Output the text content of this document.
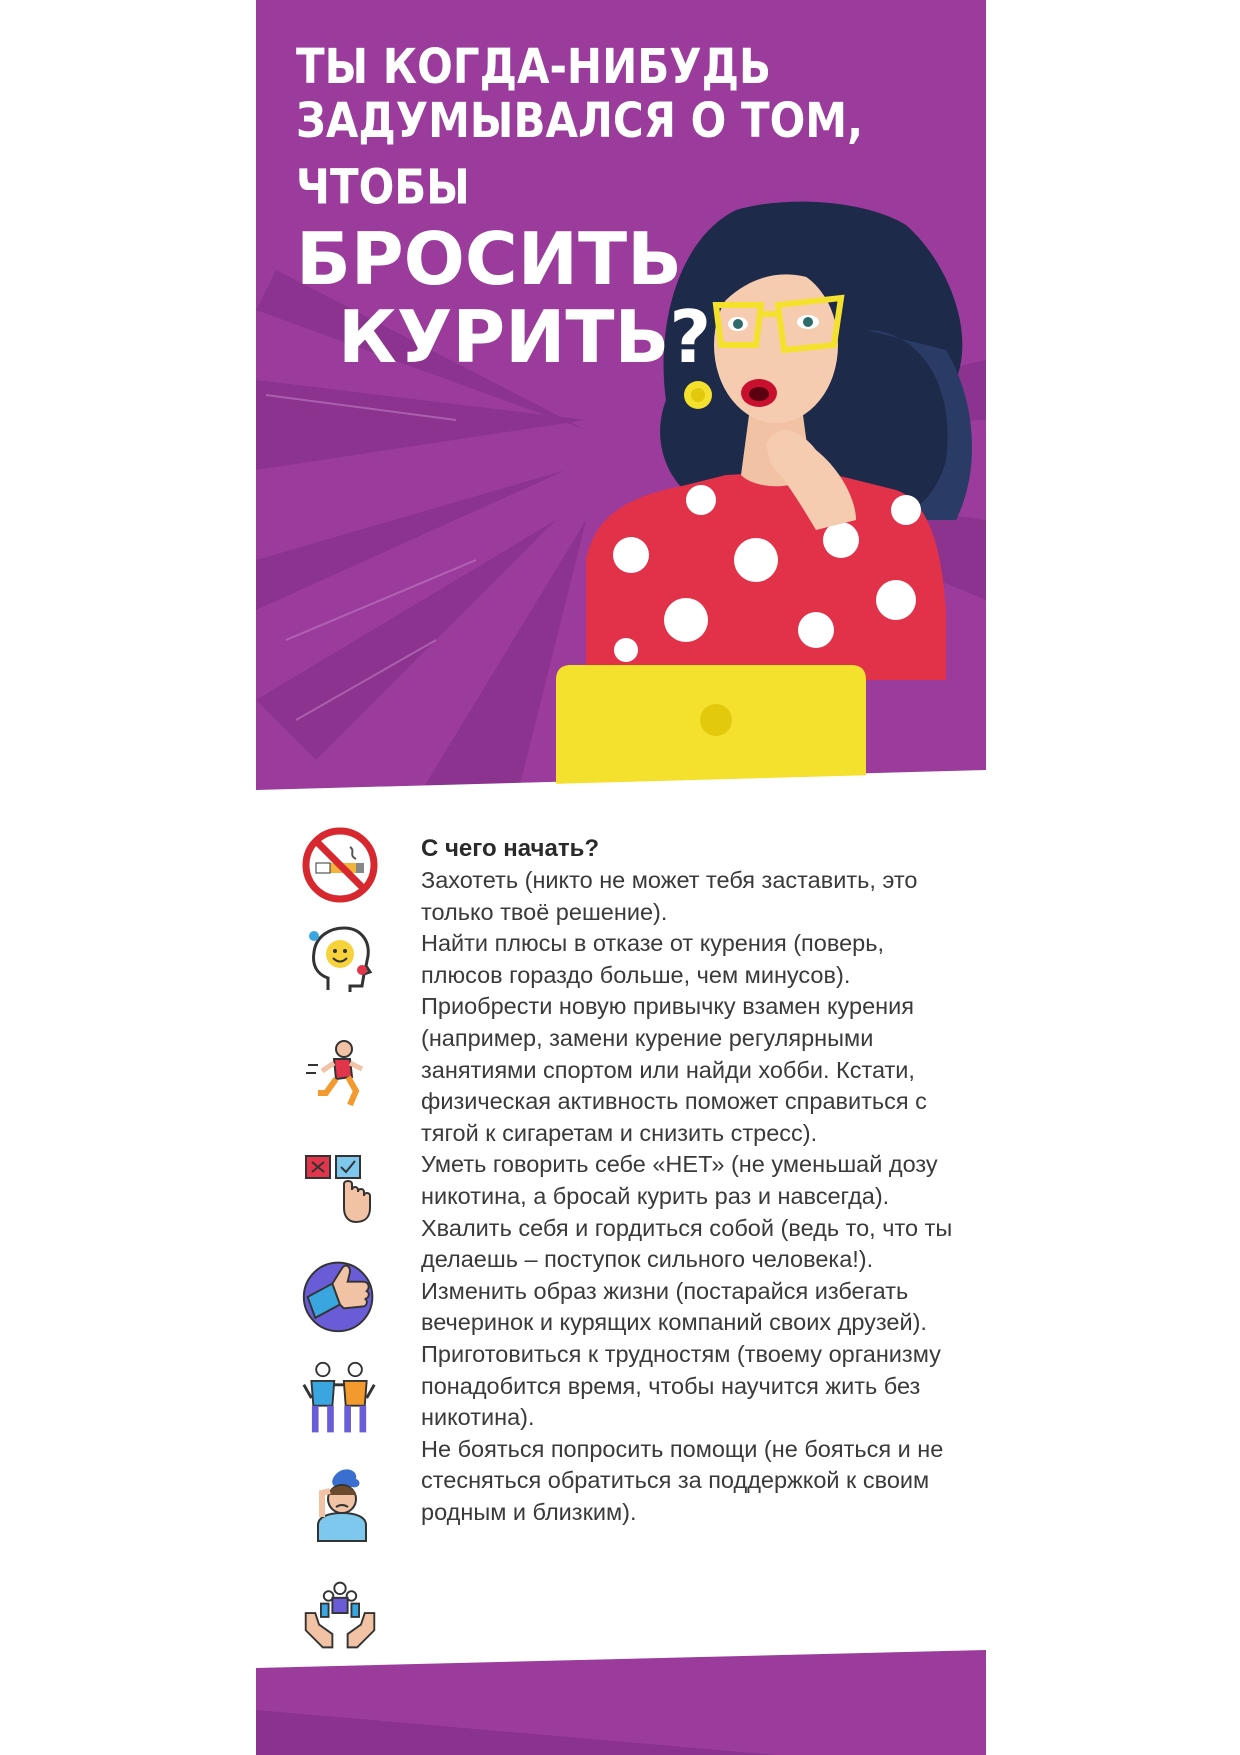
ТЫ КОГДА-НИБУДЬ
ЗАДУМЫВАЛСЯ О ТОМ, ЧТОБЫ
БРОСИТЬ
КУРИТЬ?
С чего начать?
Захотеть (никто не может тебя заставить, это только твоё решение).
Найти плюсы в отказе от курения (поверь, плюсов гораздо больше, чем минусов).
Приобрести новую привычку взамен курения (например, замени курение регулярными занятиями спортом или найди хобби. Кстати, физическая активность поможет справиться с тягой к сигаретам и снизить стресс).
Уметь говорить себе «НЕТ» (не уменьшай дозу никотина, а бросай курить раз и навсегда).
Хвалить себя и гордиться собой (ведь то, что ты делаешь – поступок сильного человека!).
Изменить образ жизни (постарайся избегать вечеринок и курящих компаний своих друзей).
Приготовиться к трудностям (твоему организму понадобится время, чтобы научится жить без никотина).
Не бояться попросить помощи (не бояться и не стесняться обратиться за поддержкой к своим родным и близким).
